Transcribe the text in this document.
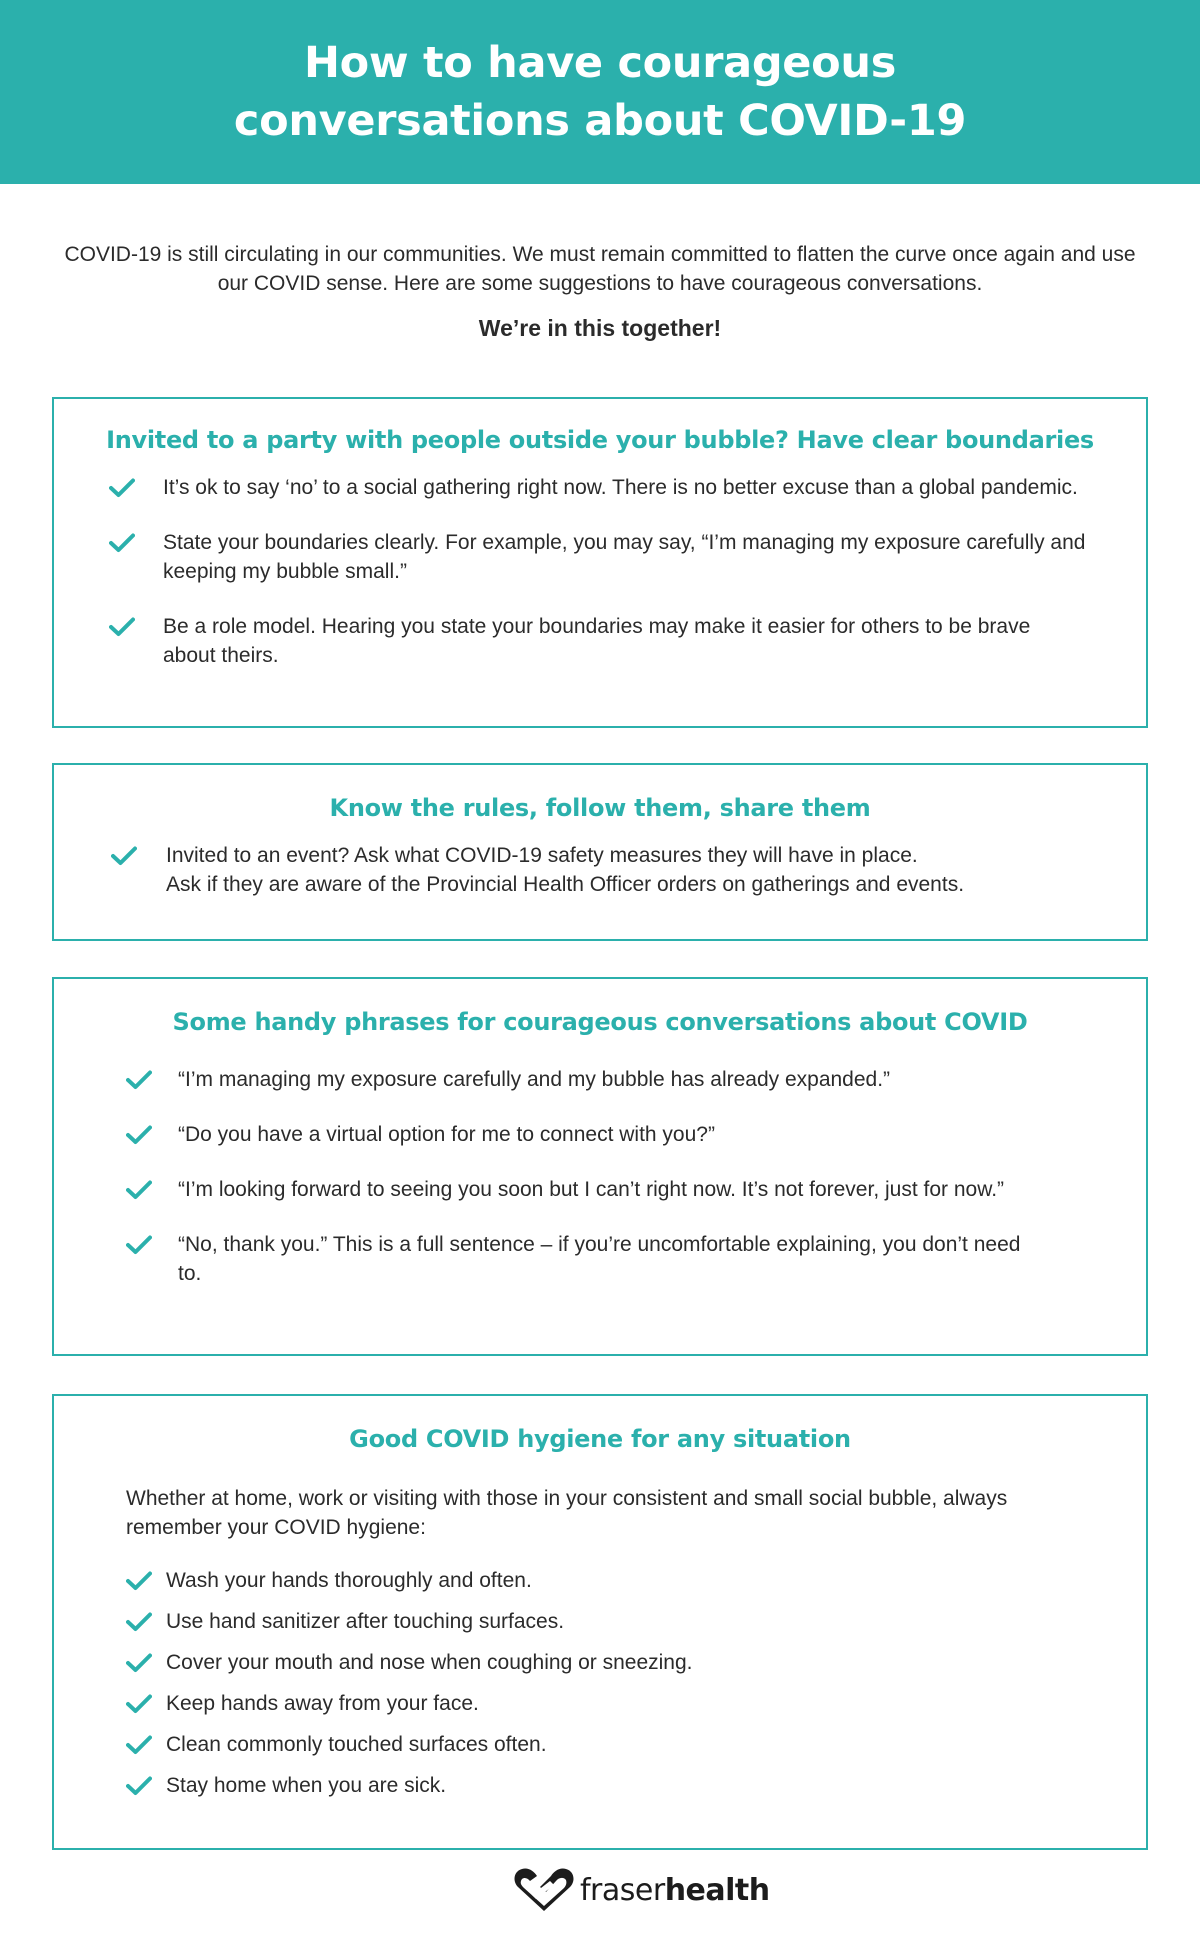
How to have courageous conversations about COVID-19

COVID-19 is still circulating in our communities. We must remain committed to flatten the curve once again and use our COVID sense. Here are some suggestions to have courageous conversations.

We’re in this together!

Invited to a party with people outside your bubble? Have clear boundaries
It’s ok to say ‘no’ to a social gathering right now. There is no better excuse than a global pandemic.
State your boundaries clearly. For example, you may say, “I’m managing my exposure carefully and keeping my bubble small.”
Be a role model. Hearing you state your boundaries may make it easier for others to be brave about theirs.
Know the rules, follow them, share them
Invited to an event? Ask what COVID-19 safety measures they will have in place.
Ask if they are aware of the Provincial Health Officer orders on gatherings and events.
Some handy phrases for courageous conversations about COVID
“I’m managing my exposure carefully and my bubble has already expanded.”
“Do you have a virtual option for me to connect with you?”
“I’m looking forward to seeing you soon but I can’t right now. It’s not forever, just for now.”
“No, thank you.” This is a full sentence – if you’re uncomfortable explaining, you don’t need to.
Good COVID hygiene for any situation

Whether at home, work or visiting with those in your consistent and small social bubble, always remember your COVID hygiene:

Wash your hands thoroughly and often.
Use hand sanitizer after touching surfaces.
Cover your mouth and nose when coughing or sneezing.
Keep hands away from your face.
Clean commonly touched surfaces often.
Stay home when you are sick.
fraserhealth
